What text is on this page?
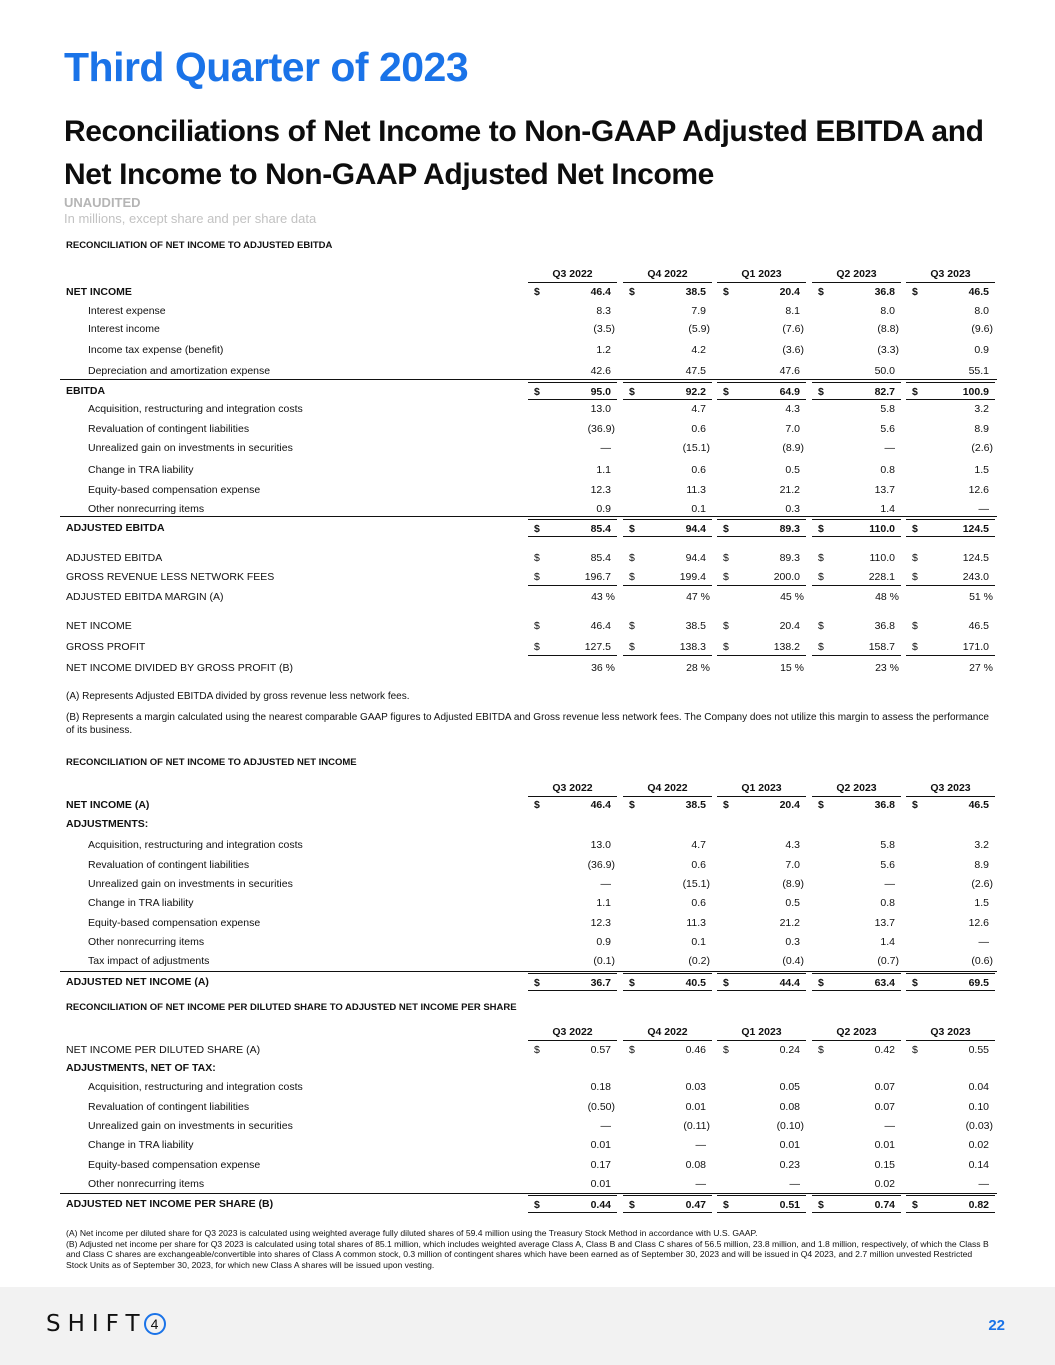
Third Quarter of 2023
Reconciliations of Net Income to Non-GAAP Adjusted EBITDA and Net Income to Non-GAAP Adjusted Net Income
UNAUDITED
In millions, except share and per share data
RECONCILIATION OF NET INCOME TO ADJUSTED EBITDA
Q3 2022	Q4 2022	Q1 2023	Q2 2023	Q3 2023
NET INCOME	$	46.4 $	38.5 $	20.4 $	36.8 $	46.5
Interest expense	8.3	7.9	8.1	8.0	8.0
Interest income	(3.5)	(5.9)	(7.6)	(8.8)	(9.6)
Income tax expense (benefit)	1.2	4.2	(3.6)	(3.3)	0.9
Depreciation and amortization expense	42.6	47.5	47.6	50.0	55.1
EBITDA	$	95.0 $	92.2 $	64.9 $	82.7 $	100.9
Acquisition, restructuring and integration costs	13.0	4.7	4.3	5.8	3.2
Revaluation of contingent liabilities	(36.9)	0.6	7.0	5.6	8.9
Unrealized gain on investments in securities	—	(15.1)	(8.9)	—	(2.6)
Change in TRA liability	1.1	0.6	0.5	0.8	1.5
Equity-based compensation expense	12.3	11.3	21.2	13.7	12.6
Other nonrecurring items	0.9	0.1	0.3	1.4	—
ADJUSTED EBITDA	$	85.4 $	94.4 $	89.3 $	110.0 $	124.5
ADJUSTED EBITDA	$	85.4 $	94.4 $	89.3 $	110.0 $	124.5
GROSS REVENUE LESS NETWORK FEES	$	196.7 $	199.4 $	200.0 $	228.1 $	243.0
ADJUSTED EBITDA MARGIN (A)	43 %	47 %	45 %	48 %	51 %
NET INCOME	$	46.4 $	38.5 $	20.4 $	36.8 $	46.5
GROSS PROFIT	$	127.5 $	138.3 $	138.2 $	158.7 $	171.0
NET INCOME DIVIDED BY GROSS PROFIT (B)	36 %	28 %	15 %	23 %	27 %
Q3 2022	Q4 2022	Q1 2023	Q2 2023	Q3 2023
NET INCOME (A)	$	46.4 $	38.5 $	20.4 $	36.8 $	46.5
ADJUSTMENTS:
Acquisition, restructuring and integration costs	13.0	4.7	4.3	5.8	3.2
Revaluation of contingent liabilities	(36.9)	0.6	7.0	5.6	8.9
Unrealized gain on investments in securities	—	(15.1)	(8.9)	—	(2.6)
Change in TRA liability	1.1	0.6	0.5	0.8	1.5
Equity-based compensation expense	12.3	11.3	21.2	13.7	12.6
Other nonrecurring items	0.9	0.1	0.3	1.4	—
Tax impact of adjustments	(0.1)	(0.2)	(0.4)	(0.7)	(0.6)
ADJUSTED NET INCOME (A)	$	36.7 $	40.5 $	44.4 $	63.4 $	69.5
Q3 2022	Q4 2022	Q1 2023	Q2 2023	Q3 2023
NET INCOME PER DILUTED SHARE (A)	$	0.57 $	0.46 $	0.24 $	0.42 $	0.55
ADJUSTMENTS, NET OF TAX:
Acquisition, restructuring and integration costs	0.18	0.03	0.05	0.07	0.04
Revaluation of contingent liabilities	(0.50)	0.01	0.08	0.07	0.10
Unrealized gain on investments in securities	—	(0.11)	(0.10)	—	(0.03)
Change in TRA liability	0.01	—	0.01	0.01	0.02
Equity-based compensation expense	0.17	0.08	0.23	0.15	0.14
Other nonrecurring items	0.01	—	—	0.02	—
ADJUSTED NET INCOME PER SHARE (B)	$	0.44 $	0.47 $	0.51 $	0.74 $	0.82
(A) Represents Adjusted EBITDA divided by gross revenue less network fees.
(B) Represents a margin calculated using the nearest comparable GAAP figures to Adjusted EBITDA and Gross revenue less network fees. The Company does not utilize this margin to assess the performance of its business.
RECONCILIATION OF NET INCOME TO ADJUSTED NET INCOME
RECONCILIATION OF NET INCOME PER DILUTED SHARE TO ADJUSTED NET INCOME PER SHARE
(A) Net income per diluted share for Q3 2023 is calculated using weighted average fully diluted shares of 59.4 million using the Treasury Stock Method in accordance with U.S. GAAP.
(B) Adjusted net income per share for Q3 2023 is calculated using total shares of 85.1 million, which includes weighted average Class A, Class B and Class C shares of 56.5 million, 23.8 million, and 1.8 million, respectively, of which the Class B and Class C shares are exchangeable/convertible into shares of Class A common stock, 0.3 million of contingent shares which have been earned as of September 30, 2023 and will be issued in Q4 2023, and 2.7 million unvested Restricted Stock Units as of September 30, 2023, for which new Class A shares will be issued upon vesting.
SHIFT 4	22
